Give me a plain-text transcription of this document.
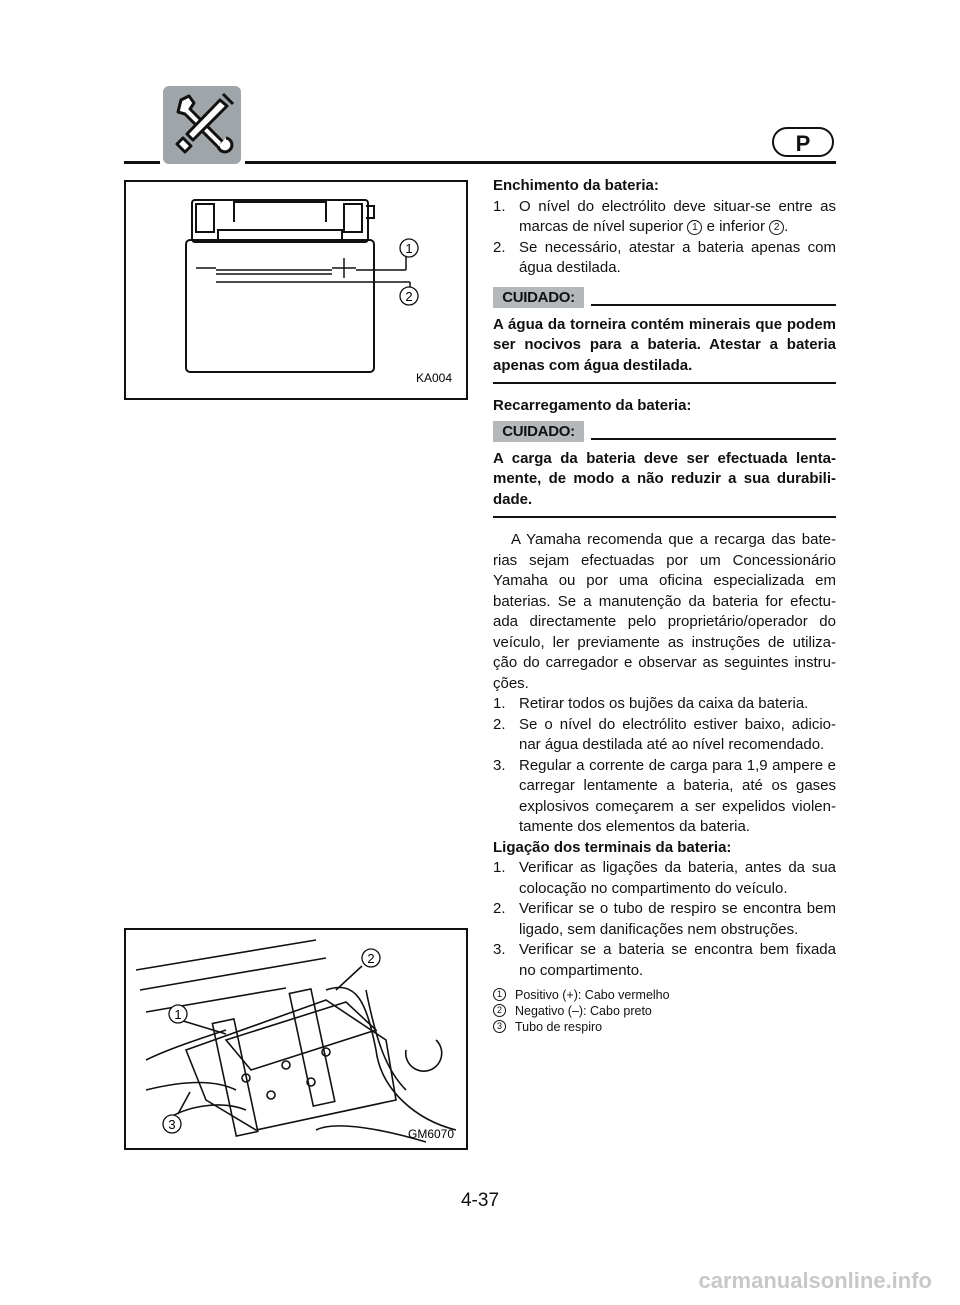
P
1
2
KA004
1
2
3
GM6070

Enchimento da bateria:

1. O nível do electrólito deve situar-se entre as marcas de nível superior 1 e inferior 2 .
2. Se necessário, atestar a bateria apenas com água destilada.
CUIDADO:

A água da torneira contém minerais que podem ser nocivos para a bateria. Atestar a bateria apenas com água destilada.

Recarregamento da bateria:

CUIDADO:

A carga da bateria deve ser efectuada lenta-mente, de modo a não reduzir a sua durabili-dade.

A Yamaha recomenda que a recarga das bate-rias sejam efectuadas por um Concessionário Yamaha ou por uma oficina especializada em baterias. Se a manutenção da bateria for efectu-ada directamente pelo proprietário/operador do veículo, ler previamente as instruções de utiliza-ção do carregador e observar as seguintes instru-ções.

1. Retirar todos os bujões da caixa da bateria.
2. Se o nível do electrólito estiver baixo, adicio-nar água destilada até ao nível recomendado.
3. Regular a corrente de carga para 1,9 ampere e carregar lentamente a bateria, até os gases explosivos começarem a ser expelidos violen-tamente dos elementos da bateria.

Ligação dos terminais da bateria:

1. Verificar as ligações da bateria, antes da sua colocação no compartimento do veículo.
2. Verificar se o tubo de respiro se encontra bem ligado, sem danificações nem obstruções.
3. Verificar se a bateria se encontra bem fixada no compartimento.
1	Positivo (+): Cabo vermelho
2	Negativo (–): Cabo preto
3	Tubo de respiro
4-37
carmanualsonline.info
